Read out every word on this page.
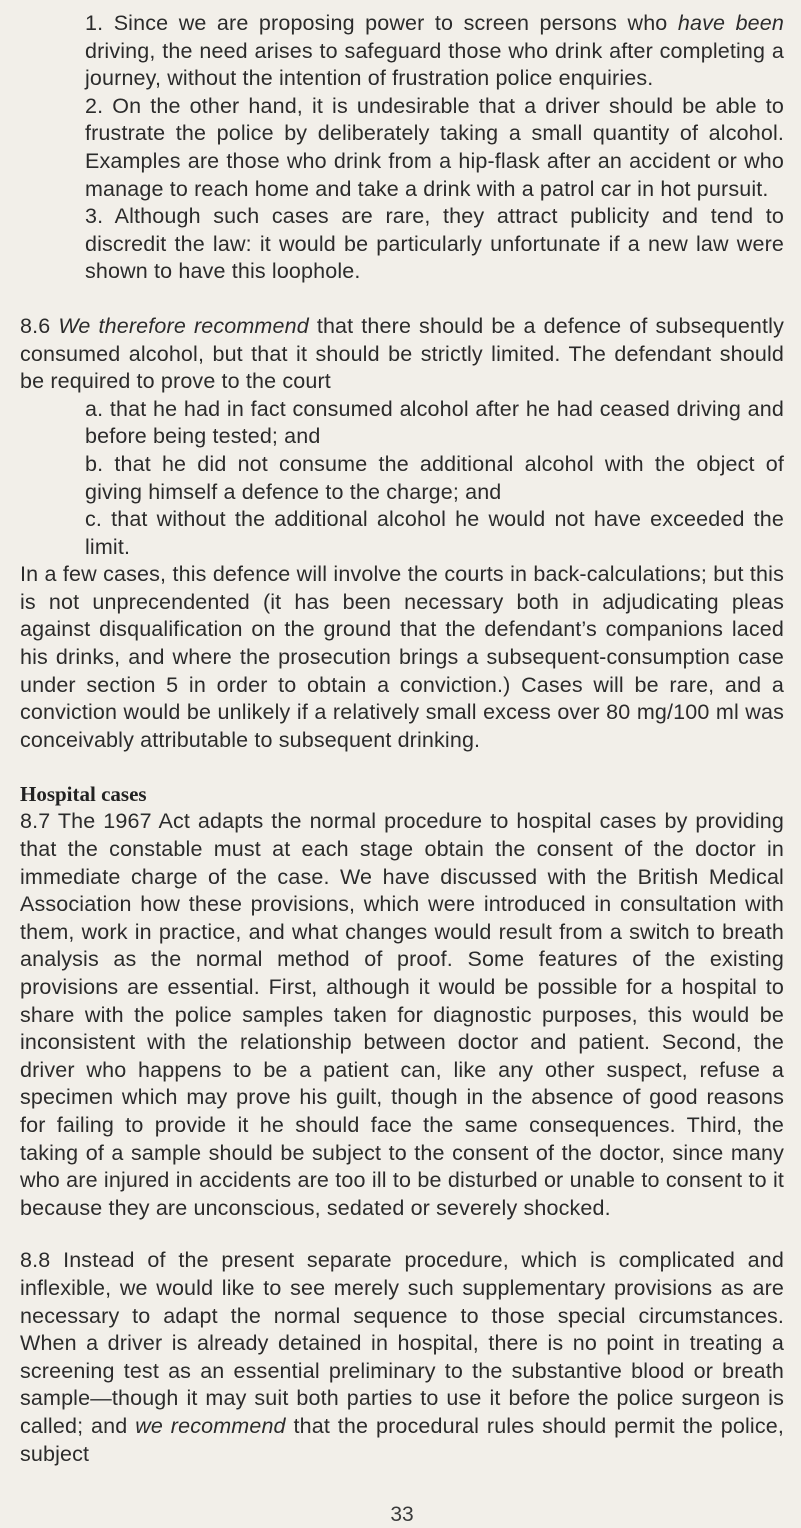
1. Since we are proposing power to screen persons who have been driving, the need arises to safeguard those who drink after completing a journey, without the intention of frustration police enquiries.

2. On the other hand, it is undesirable that a driver should be able to frustrate the police by deliberately taking a small quantity of alcohol. Examples are those who drink from a hip-flask after an accident or who manage to reach home and take a drink with a patrol car in hot pursuit.

3. Although such cases are rare, they attract publicity and tend to discredit the law: it would be particularly unfortunate if a new law were shown to have this loophole.

8.6 We therefore recommend that there should be a defence of subsequently consumed alcohol, but that it should be strictly limited. The defendant should be required to prove to the court

a. that he had in fact consumed alcohol after he had ceased driving and before being tested; and

b. that he did not consume the additional alcohol with the object of giving himself a defence to the charge; and

c. that without the additional alcohol he would not have exceeded the limit.

In a few cases, this defence will involve the courts in back-calculations; but this is not unprecendented (it has been necessary both in adjudicating pleas against disqualification on the ground that the defendant’s companions laced his drinks, and where the prosecution brings a subsequent-consumption case under section 5 in order to obtain a conviction.) Cases will be rare, and a conviction would be unlikely if a relatively small excess over 80 mg/100 ml was conceivably attributable to subsequent drinking.

Hospital cases

8.7 The 1967 Act adapts the normal procedure to hospital cases by providing that the constable must at each stage obtain the consent of the doctor in immediate charge of the case. We have discussed with the British Medical Association how these provisions, which were introduced in consultation with them, work in practice, and what changes would result from a switch to breath analysis as the normal method of proof. Some features of the existing provisions are essential. First, although it would be possible for a hospital to share with the police samples taken for diagnostic purposes, this would be inconsistent with the relationship between doctor and patient. Second, the driver who happens to be a patient can, like any other suspect, refuse a specimen which may prove his guilt, though in the absence of good reasons for failing to provide it he should face the same consequences. Third, the taking of a sample should be subject to the consent of the doctor, since many who are injured in accidents are too ill to be disturbed or unable to consent to it because they are unconscious, sedated or severely shocked.

8.8 Instead of the present separate procedure, which is complicated and inflexible, we would like to see merely such supplementary provisions as are necessary to adapt the normal sequence to those special circumstances. When a driver is already detained in hospital, there is no point in treating a screening test as an essential preliminary to the substantive blood or breath sample—though it may suit both parties to use it before the police surgeon is called; and we recommend that the procedural rules should permit the police, subject

33
